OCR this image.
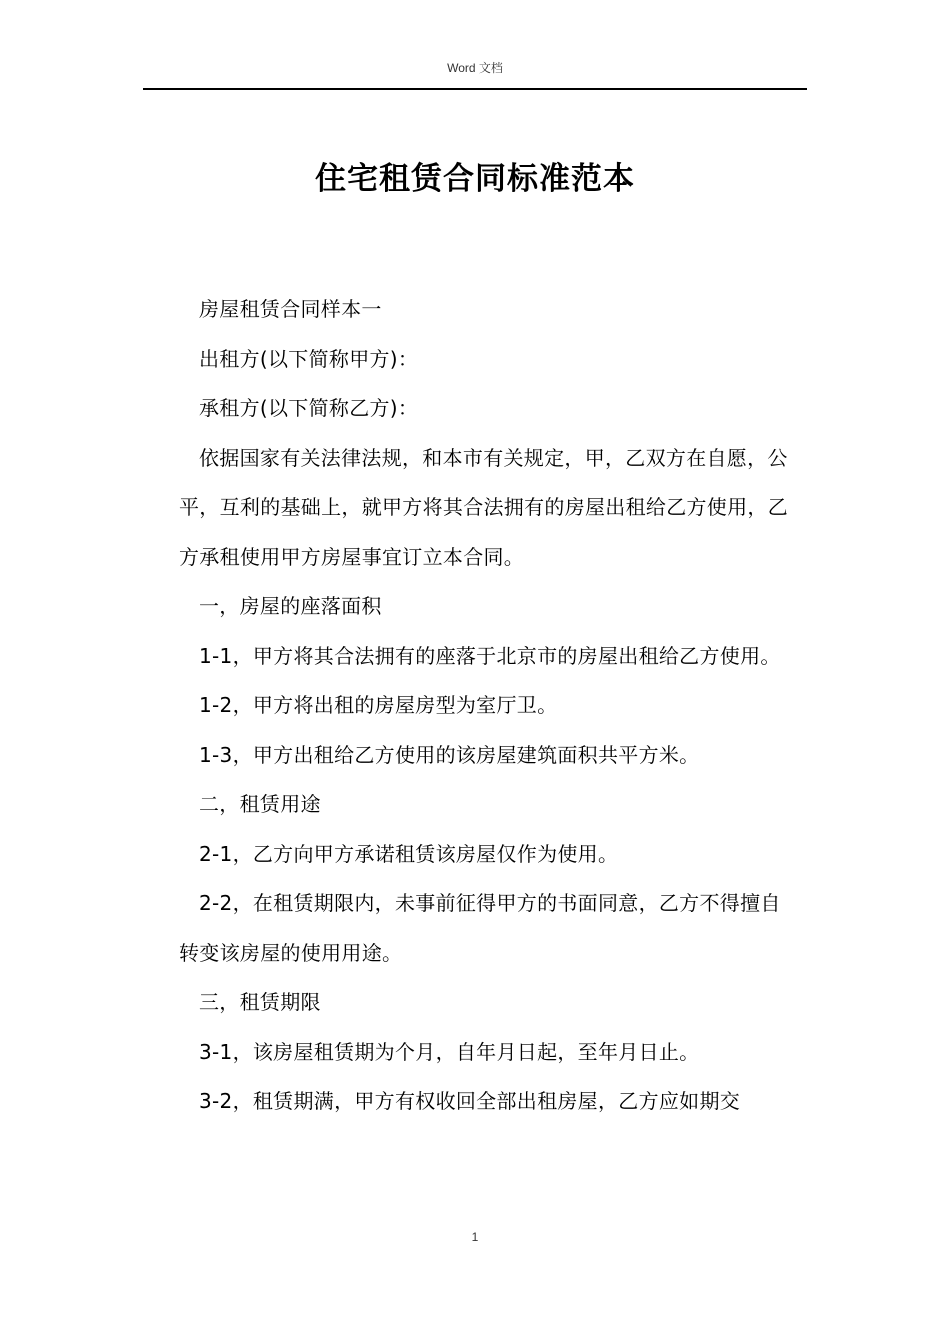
Word 文档
住宅租赁合同标准范本

房屋租赁合同样本一

出租方(以下简称甲方)：

承租方(以下简称乙方)：

依据国家有关法律法规，和本市有关规定，甲，乙双方在自愿，公平，互利的基础上，就甲方将其合法拥有的房屋出租给乙方使用，乙方承租使用甲方房屋事宜订立本合同。

一，房屋的座落面积

1-1，甲方将其合法拥有的座落于北京市的房屋出租给乙方使用。

1-2，甲方将出租的房屋房型为室厅卫。

1-3，甲方出租给乙方使用的该房屋建筑面积共平方米。

二，租赁用途

2-1，乙方向甲方承诺租赁该房屋仅作为使用。

2-2，在租赁期限内，未事前征得甲方的书面同意，乙方不得擅自转变该房屋的使用用途。

三，租赁期限

3-1，该房屋租赁期为个月，自年月日起，至年月日止。

3-2，租赁期满，甲方有权收回全部出租房屋，乙方应如期交

1
